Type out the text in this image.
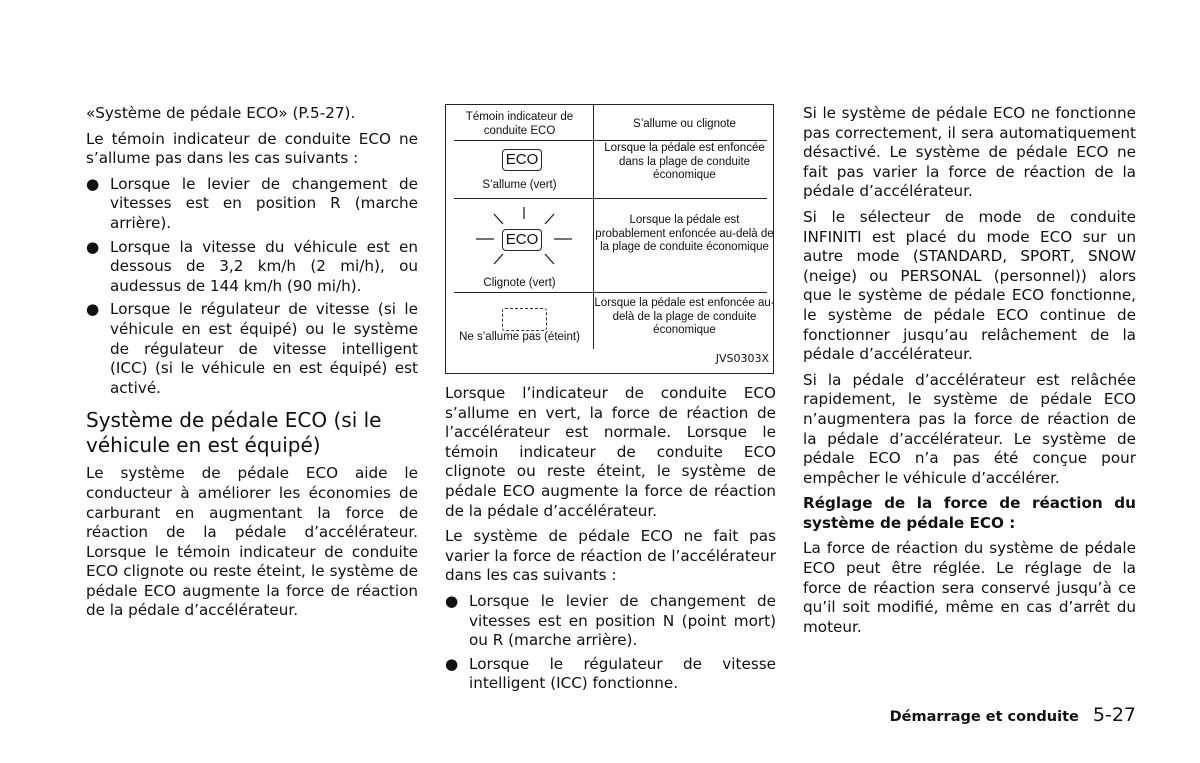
«Système de pédale ECO» (P.5-27).

Le témoin indicateur de conduite ECO ne s’allume pas dans les cas suivants :

● Lorsque le levier de changement de vitesses est en position R (marche arrière).
● Lorsque la vitesse du véhicule est en dessous de 3,2 km/h (2 mi/h), ou audessus de 144 km/h (90 mi/h).
● Lorsque le régulateur de vitesse (si le véhicule en est équipé) ou le système de régulateur de vitesse intelligent (ICC) (si le véhicule en est équipé) est activé.
Système de pédale ECO (si le véhicule en est équipé)

Le système de pédale ECO aide le conducteur à améliorer les économies de carburant en augmentant la force de réaction de la pédale d’accélérateur. Lorsque le témoin indicateur de conduite ECO clignote ou reste éteint, le système de pédale ECO augmente la force de réaction de la pédale d’accélérateur.

Témoin indicateur de conduite ECO
S’allume ou clignote
ECO
S’allume (vert)
Lorsque la pédale est enfoncée dans la plage de conduite économique
ECO
Clignote (vert)
Lorsque la pédale est probablement enfoncée au-delà de la plage de conduite économique
Ne s’allume pas (éteint)
Lorsque la pédale est enfoncée au-delà de la plage de conduite économique
JVS0303X

Lorsque l’indicateur de conduite ECO s’allume en vert, la force de réaction de l’accélérateur est normale. Lorsque le témoin indicateur de conduite ECO clignote ou reste éteint, le système de pédale ECO augmente la force de réaction de la pédale d’accélérateur.

Le système de pédale ECO ne fait pas varier la force de réaction de l’accélérateur dans les cas suivants :

● Lorsque le levier de changement de vitesses est en position N (point mort) ou R (marche arrière).
● Lorsque le régulateur de vitesse intelligent (ICC) fonctionne.

Si le système de pédale ECO ne fonctionne pas correctement, il sera automatiquement désactivé. Le système de pédale ECO ne fait pas varier la force de réaction de la pédale d’accélérateur.

Si le sélecteur de mode de conduite INFINITI est placé du mode ECO sur un autre mode (STANDARD, SPORT, SNOW (neige) ou PERSONAL (personnel)) alors que le système de pédale ECO fonctionne, le système de pédale ECO continue de fonctionner jusqu’au relâchement de la pédale d’accélérateur.

Si la pédale d’accélérateur est relâchée rapidement, le système de pédale ECO n’augmentera pas la force de réaction de la pédale d’accélérateur. Le système de pédale ECO n’a pas été conçue pour empêcher le véhicule d’accélérer.

Réglage de la force de réaction du système de pédale ECO :

La force de réaction du système de pédale ECO peut être réglée. Le réglage de la force de réaction sera conservé jusqu’à ce qu’il soit modifié, même en cas d’arrêt du moteur.

Démarrage et conduite 5-27
